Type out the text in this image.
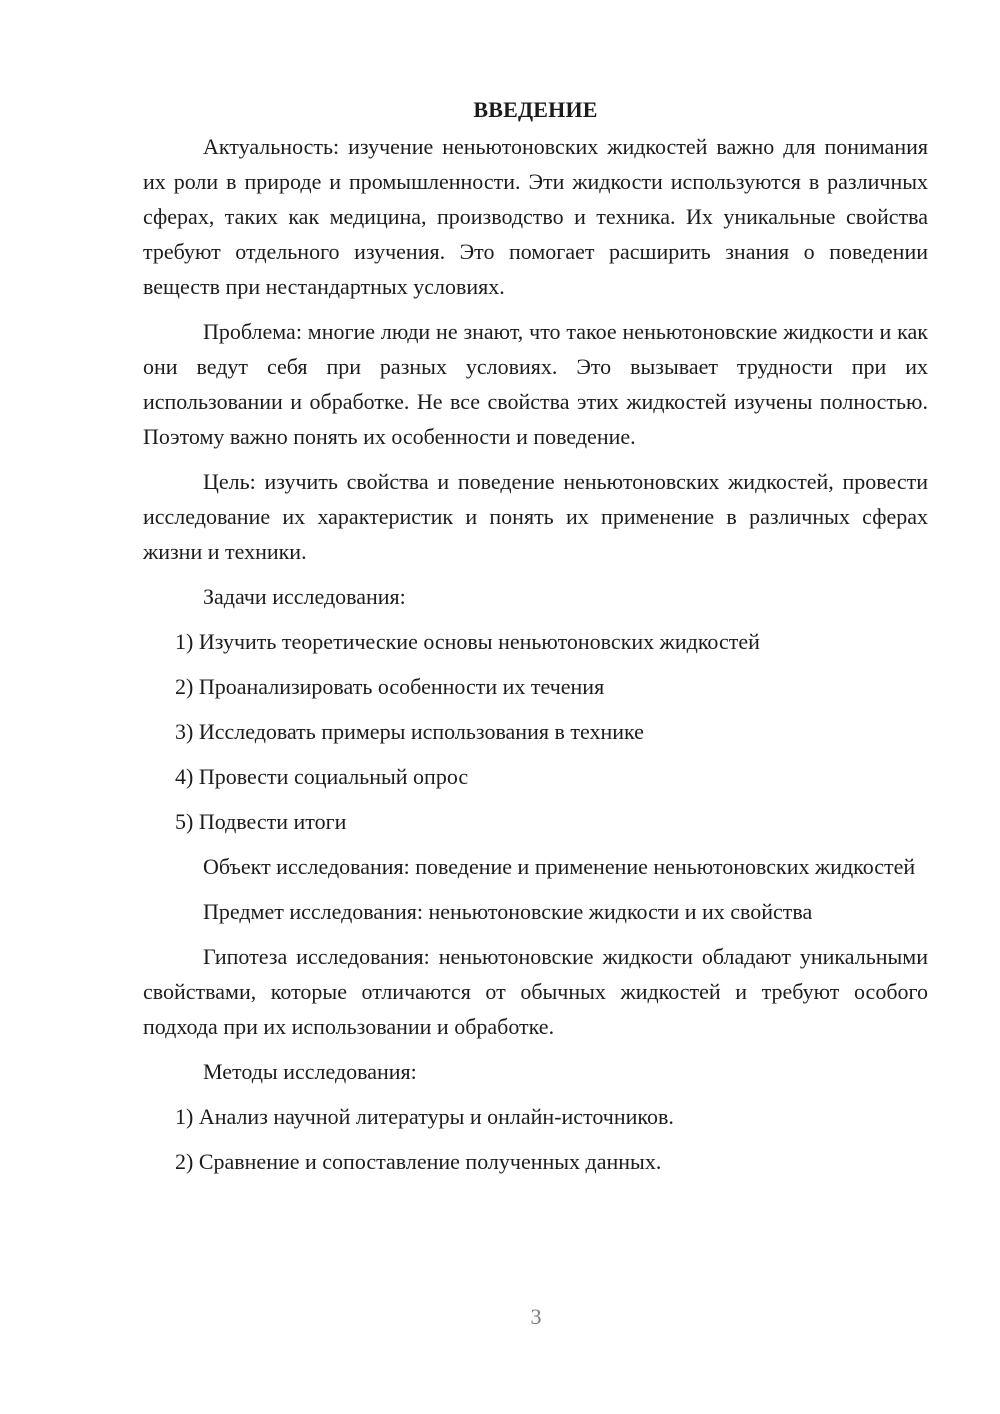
ВВЕДЕНИЕ

Актуальность: изучение неньютоновских жидкостей важно для понимания их роли в природе и промышленности. Эти жидкости используются в различных сферах, таких как медицина, производство и техника. Их уникальные свойства требуют отдельного изучения. Это помогает расширить знания о поведении веществ при нестандартных условиях.

Проблема: многие люди не знают, что такое неньютоновские жидкости и как они ведут себя при разных условиях. Это вызывает трудности при их использовании и обработке. Не все свойства этих жидкостей изучены полностью. Поэтому важно понять их особенности и поведение.

Цель: изучить свойства и поведение неньютоновских жидкостей, провести исследование их характеристик и понять их применение в различных сферах жизни и техники.

Задачи исследования:

1) Изучить теоретические основы неньютоновских жидкостей
2) Проанализировать особенности их течения
3) Исследовать примеры использования в технике
4) Провести социальный опрос
5) Подвести итоги

Объект исследования: поведение и применение неньютоновских жидкостей

Предмет исследования: неньютоновские жидкости и их свойства

Гипотеза исследования: неньютоновские жидкости обладают уникальными свойствами, которые отличаются от обычных жидкостей и требуют особого подхода при их использовании и обработке.

Методы исследования:

1) Анализ научной литературы и онлайн-источников.
2) Сравнение и сопоставление полученных данных.
3
